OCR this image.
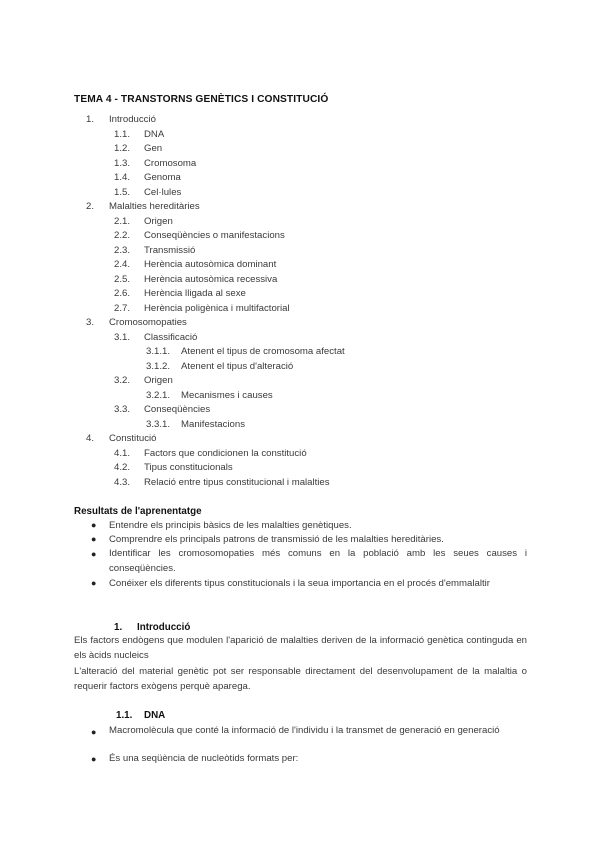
TEMA 4 - TRANSTORNS GENÈTICS I CONSTITUCIÓ
1. Introducció
1.1. DNA
1.2. Gen
1.3. Cromosoma
1.4. Genoma
1.5. Cel·lules
2. Malalties hereditàries
2.1. Origen
2.2. Conseqüències o manifestacions
2.3. Transmissió
2.4. Herència autosòmica dominant
2.5. Herència autosòmica recessiva
2.6. Herència lligada al sexe
2.7. Herència poligènica i multifactorial
3. Cromosomopaties
3.1. Classificació
3.1.1. Atenent el tipus de cromosoma afectat
3.1.2. Atenent el tipus d'alteració
3.2. Origen
3.2.1. Mecanismes i causes
3.3. Conseqüències
3.3.1. Manifestacions
4. Constitució
4.1. Factors que condicionen la constitució
4.2. Tipus constitucionals
4.3. Relació entre tipus constitucional i malalties
Resultats de l'aprenentatge
● Entendre els principis bàsics de les malalties genètiques.
● Comprendre els principals patrons de transmissió de les malalties hereditàries.
● Identificar les cromosomopaties més comuns en la població amb les seues causes i conseqüències.
● Conéixer els diferents tipus constitucionals i la seua importancia en el procés d'emmalaltir
1. Introducció
Els factors endògens que modulen l'aparició de malalties deriven de la informació genètica continguda en els àcids nucleics
L'alteració del material genètic pot ser responsable directament del desenvolupament de la malaltia o requerir factors exògens perquè aparega.
1.1. DNA
● Macromolècula que conté la informació de l'individu i la transmet de generació en generació
● És una seqüència de nucleòtids formats per:
